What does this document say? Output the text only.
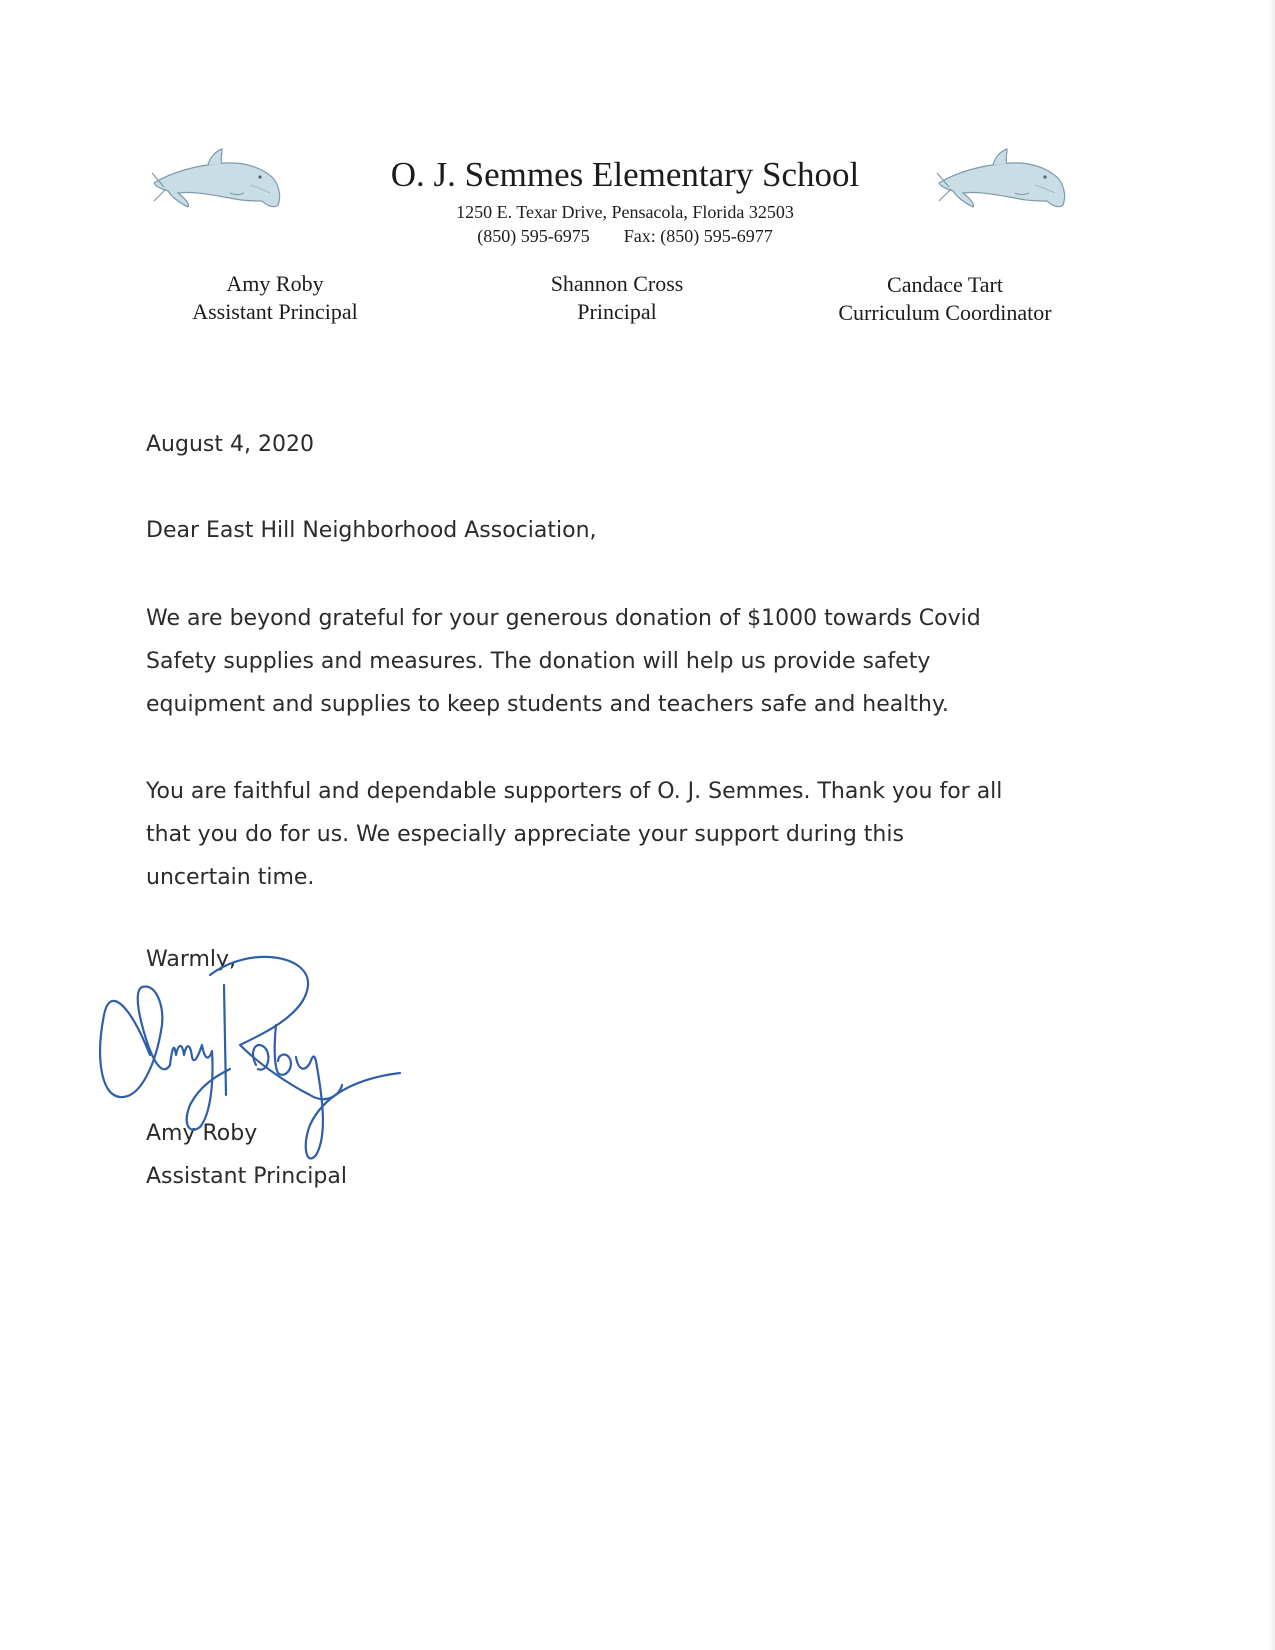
O. J. Semmes Elementary School
1250 E. Texar Drive, Pensacola, Florida 32503
(850) 595-6975 Fax: (850) 595-6977
Amy Roby
Assistant Principal
Shannon Cross
Principal
Candace Tart
Curriculum Coordinator
August 4, 2020
Dear East Hill Neighborhood Association,
We are beyond grateful for your generous donation of $1000 towards Covid
Safety supplies and measures. The donation will help us provide safety
equipment and supplies to keep students and teachers safe and healthy.
You are faithful and dependable supporters of O. J. Semmes. Thank you for all
that you do for us. We especially appreciate your support during this
uncertain time.
Warmly,
Amy Roby
Assistant Principal
